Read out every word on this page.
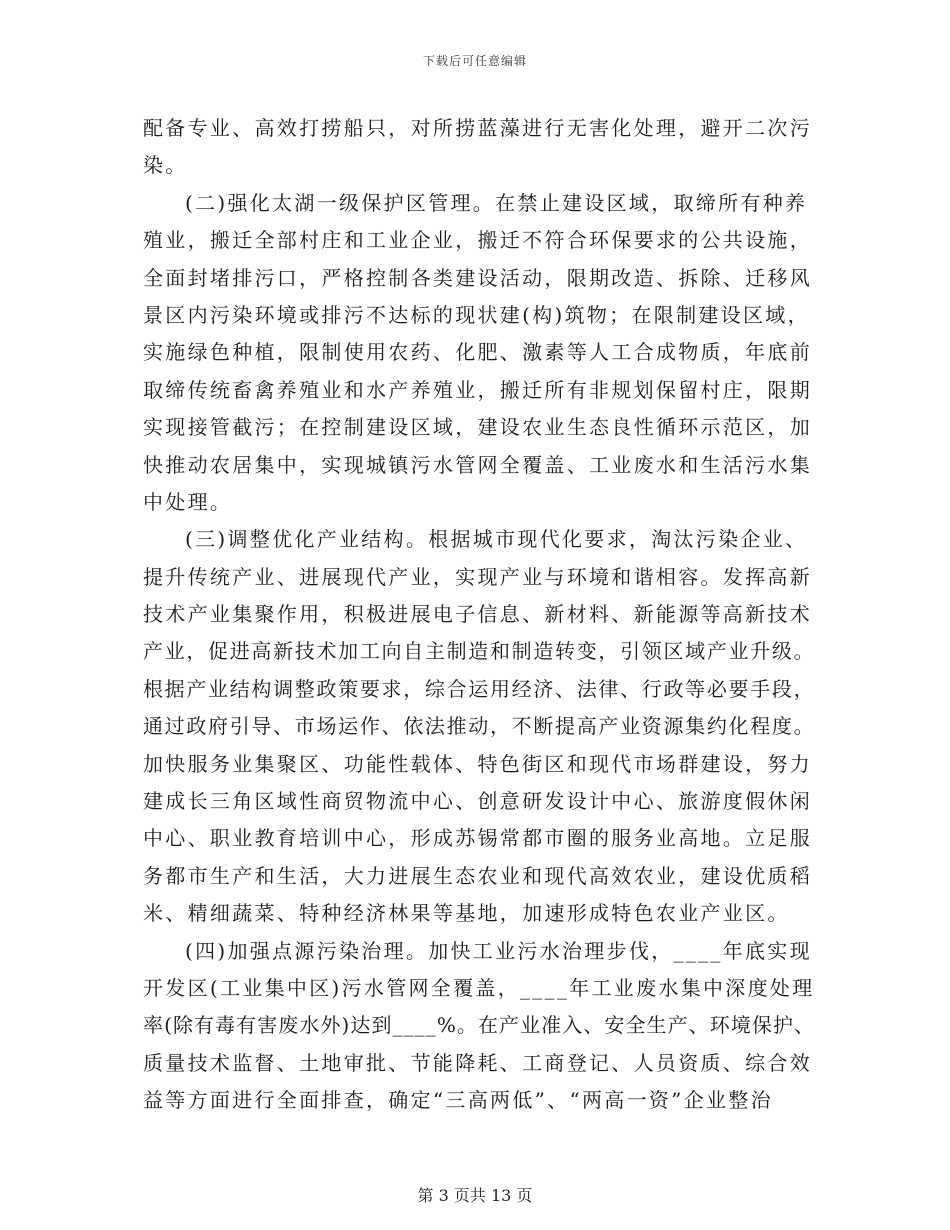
下载后可任意编辑
配备专业、高效打捞船只，对所捞蓝藻进行无害化处理，避开二次污
染。
(二)强化太湖一级保护区管理。在禁止建设区域，取缔所有种养
殖业，搬迁全部村庄和工业企业，搬迁不符合环保要求的公共设施，
全面封堵排污口，严格控制各类建设活动，限期改造、拆除、迁移风
景区内污染环境或排污不达标的现状建(构)筑物；在限制建设区域，
实施绿色种植，限制使用农药、化肥、激素等人工合成物质，年底前
取缔传统畜禽养殖业和水产养殖业，搬迁所有非规划保留村庄，限期
实现接管截污；在控制建设区域，建设农业生态良性循环示范区，加
快推动农居集中，实现城镇污水管网全覆盖、工业废水和生活污水集
中处理。
(三)调整优化产业结构。根据城市现代化要求，淘汰污染企业、
提升传统产业、进展现代产业，实现产业与环境和谐相容。发挥高新
技术产业集聚作用，积极进展电子信息、新材料、新能源等高新技术
产业，促进高新技术加工向自主制造和制造转变，引领区域产业升级。
根据产业结构调整政策要求，综合运用经济、法律、行政等必要手段，
通过政府引导、市场运作、依法推动，不断提高产业资源集约化程度。
加快服务业集聚区、功能性载体、特色街区和现代市场群建设，努力
建成长三角区域性商贸物流中心、创意研发设计中心、旅游度假休闲
中心、职业教育培训中心，形成苏锡常都市圈的服务业高地。立足服
务都市生产和生活，大力进展生态农业和现代高效农业，建设优质稻
米、精细蔬菜、特种经济林果等基地，加速形成特色农业产业区。
(四)加强点源污染治理。加快工业污水治理步伐，____年底实现
开发区(工业集中区)污水管网全覆盖，____年工业废水集中深度处理
率(除有毒有害废水外)达到____%。在产业准入、安全生产、环境保护、
质量技术监督、土地审批、节能降耗、工商登记、人员资质、综合效
益等方面进行全面排查，确定“三高两低”、“两高一资”企业整治
第 3 页共 13 页
